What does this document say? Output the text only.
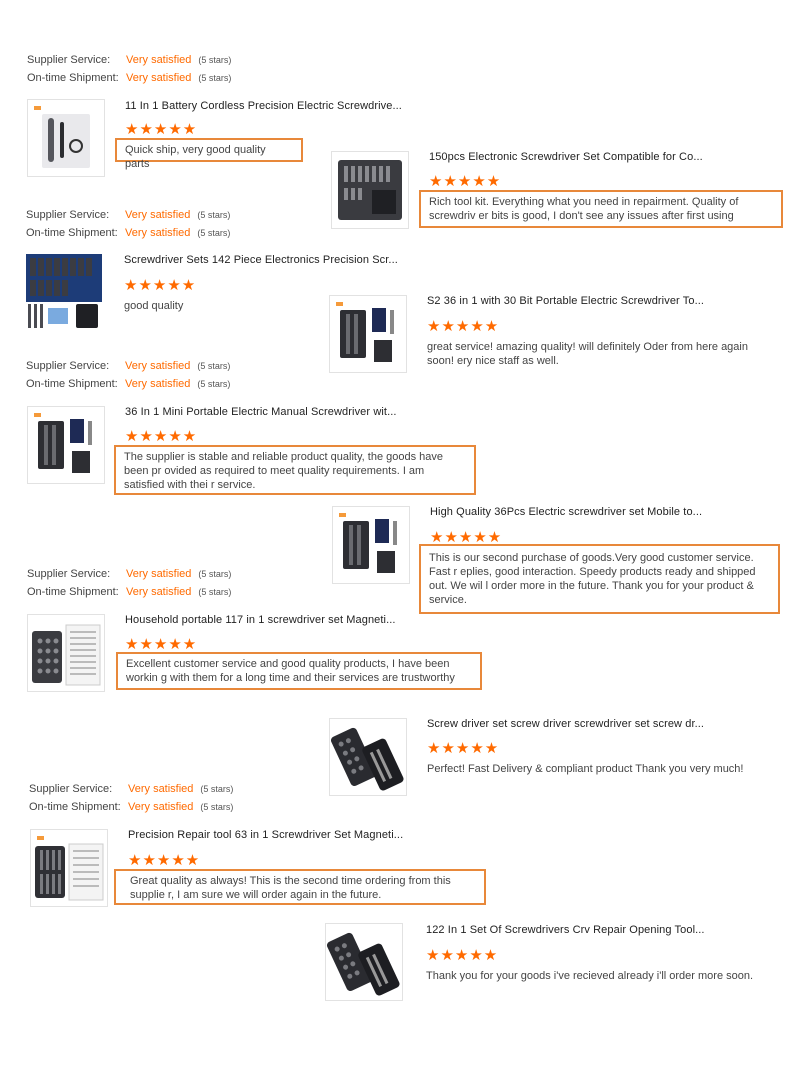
Supplier Service: Very satisfied (5 stars)
On-time Shipment: Very satisfied (5 stars)
Supplier Service: Very satisfied (5 stars)
On-time Shipment: Very satisfied (5 stars)
Supplier Service: Very satisfied (5 stars)
On-time Shipment: Very satisfied (5 stars)
Supplier Service: Very satisfied (5 stars)
On-time Shipment: Very satisfied (5 stars)
Supplier Service: Very satisfied (5 stars)
On-time Shipment: Very satisfied (5 stars)
11 In 1 Battery Cordless Precision Electric Screwdrive...
★★★★★
Quick ship, very good quality parts
150pcs Electronic Screwdriver Set Compatible for Co...
★★★★★
Rich tool kit. Everything what you need in repairment. Quality of screwdriv er bits is good, I don't see any issues after first using
Screwdriver Sets 142 Piece Electronics Precision Scr...
★★★★★
good quality	S2 36 in 1 with 30 Bit Portable Electric Screwdriver To...
★★★★★
great service! amazing quality! will definitely Oder from here again soon! ery nice staff as well.
36 In 1 Mini Portable Electric Manual Screwdriver wit...
★★★★★
The supplier is stable and reliable product quality, the goods have been pr ovided as required to meet quality requirements. I am satisfied with thei r service.
High Quality 36Pcs Electric screwdriver set Mobile to...
★★★★★
This is our second purchase of goods.Very good customer service. Fast r eplies, good interaction. Speedy products ready and shipped out. We wil l order more in the future. Thank you for your product & service.
Household portable 117 in 1 screwdriver set Magneti...
★★★★★
Excellent customer service and good quality products, I have been workin g with them for a long time and their services are trustworthy
Screw driver set screw driver screwdriver set screw dr...
★★★★★
Perfect! Fast Delivery & compliant product Thank you very much!
Precision Repair tool 63 in 1 Screwdriver Set Magneti...
★★★★★
Great quality as always! This is the second time ordering from this supplie r, I am sure we will order again in the future.
122 In 1 Set Of Screwdrivers Crv Repair Opening Tool...
★★★★★
Thank you for your goods i've recieved already i'll order more soon.
